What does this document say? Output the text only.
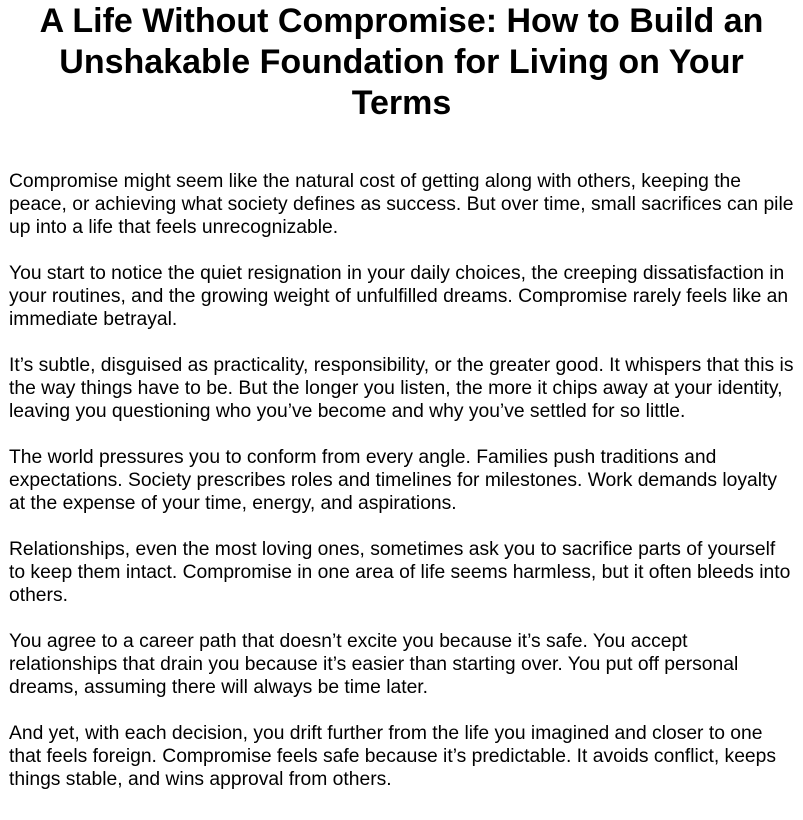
A Life Without Compromise: How to Build an Unshakable Foundation for Living on Your Terms

Compromise might seem like the natural cost of getting along with others, keeping the peace, or achieving what society defines as success. But over time, small sacrifices can pile up into a life that feels unrecognizable.

You start to notice the quiet resignation in your daily choices, the creeping dissatisfaction in your routines, and the growing weight of unfulfilled dreams. Compromise rarely feels like an immediate betrayal.

It’s subtle, disguised as practicality, responsibility, or the greater good. It whispers that this is the way things have to be. But the longer you listen, the more it chips away at your identity, leaving you questioning who you’ve become and why you’ve settled for so little.

The world pressures you to conform from every angle. Families push traditions and expectations. Society prescribes roles and timelines for milestones. Work demands loyalty at the expense of your time, energy, and aspirations.

Relationships, even the most loving ones, sometimes ask you to sacrifice parts of yourself to keep them intact. Compromise in one area of life seems harmless, but it often bleeds into others.

You agree to a career path that doesn’t excite you because it’s safe. You accept relationships that drain you because it’s easier than starting over. You put off personal dreams, assuming there will always be time later.

And yet, with each decision, you drift further from the life you imagined and closer to one that feels foreign. Compromise feels safe because it’s predictable. It avoids conflict, keeps things stable, and wins approval from others.
